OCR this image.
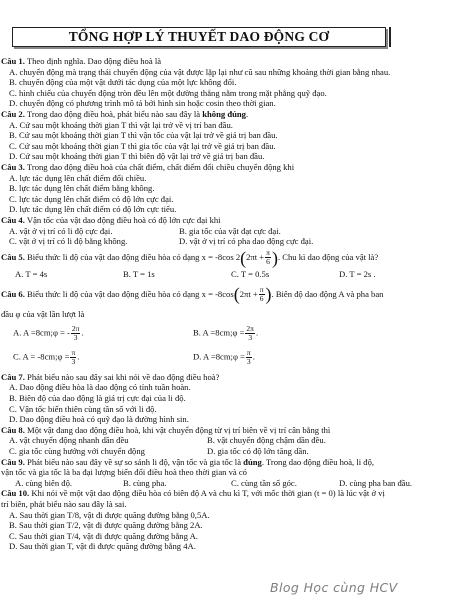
TỔNG HỢP LÝ THUYẾT DAO ĐỘNG CƠ
Câu 1. Theo định nghĩa. Dao động điều hoà là
A. chuyển động mà trạng thái chuyển động của vật được lặp lại như cũ sau những khoảng thời gian bằng nhau.
B. chuyển động của một vật dưới tác dụng của một lực không đổi.
C. hình chiếu của chuyển động tròn đều lên một đường thẳng nằm trong mặt phẳng quỹ đạo.
D. chuyển động có phương trình mô tả bởi hình sin hoặc cosin theo thời gian.
Câu 2. Trong dao động điều hoà, phát biểu nào sau đây là không đúng.
A. Cứ sau một khoảng thời gian T thì vật lại trở về vị trí ban đầu.
B. Cứ sau một khoảng thời gian T thì vận tốc của vật lại trở về giá trị ban đầu.
C. Cứ sau một khoảng thời gian T thì gia tốc của vật lại trở về giá trị ban đầu.
D. Cứ sau một khoảng thời gian T thì biên độ vật lại trở về giá trị ban đầu.
Câu 3. Trong dao động điều hoà của chất điểm, chất điểm đổi chiều chuyển động khi
A. lực tác dụng lên chất điểm đổi chiều.
B. lực tác dụng lên chất điểm bằng không.
C. lực tác dụng lên chất điểm có độ lớn cực đại.
D. lực tác dụng lên chất điểm có độ lớn cực tiểu.
Câu 4. Vận tốc của vật dao động điều hoà có độ lớn cực đại khi
A. vật ở vị trí có li độ cực đại.	B. gia tốc của vật đạt cực đại.
C. vật ở vị trí có li độ bằng không.	D. vật ở vị trí có pha dao động cực đại.
Câu 5.
Biểu thức li độ của vật dao động điều hòa có dạng x = -8cos 2 ( $2\pi t + \frac{\pi}{6}$ ) . Chu kì dao động của vật là?
A. T = 4s	B. T = 1s	C. T = 0.5s	D. T = 2s .
Câu 6.
Biểu thức li độ của vật dao động điều hòa có dạng x = -8cos ( $2\pi t + \frac{\pi}{6}$ ) . Biên độ dao động A và pha ban
đầu φ của vật lần lượt là
A. A =8cm;φ = - $\frac{2\pi}{3}$ .	B. A =8cm;φ = $\frac{2\pi}{3}$ .
C. A = -8cm;φ = $\frac{\pi}{3}$ .	D. A =8cm;φ = $\frac{\pi}{3}$ .
Câu 7. Phát biểu nào sau đây sai khi nói về dao động điều hoà?
A. Dao động điều hòa là dao động có tính tuần hoàn.
B. Biên độ của dao động là giá trị cực đại của li độ.
C. Vận tốc biến thiên cùng tần số với li độ.
D. Dao động điều hoà có quỹ đạo là đường hình sin.
Câu 8. Một vật đang dao động điều hoà, khi vật chuyển động từ vị trí biên về vị trí cân bằng thì
A. vật chuyển động nhanh dần đều	B. vật chuyển động chậm dần đều.
C. gia tốc cùng hướng với chuyển động	D. gia tốc có độ lớn tăng dần.
Câu 9. Phát biểu nào sau đây về sự so sánh li độ, vận tốc và gia tốc là đúng. Trong dao động điều hoà, li độ,
vận tốc và gia tốc là ba đại lượng biến đổi điều hoà theo thời gian và có
A. cùng biên độ.	B. cùng pha.	C. cùng tần số góc.	D. cùng pha ban đầu.
Câu 10. Khi nói về một vật dao động điều hòa có biên độ A và chu kì T, với mốc thời gian (t = 0) là lúc vật ở vị
trí biên, phát biểu nào sau đây là sai.
A. Sau thời gian T/8, vật đi được quãng đường bằng 0,5A.
B. Sau thời gian T/2, vật đi được quãng đường bằng 2A.
C. Sau thời gian T/4, vật đi được quãng đường bằng A.
D. Sau thời gian T, vật đi được quãng đường bằng 4A.
Blog Học cùng HCV
